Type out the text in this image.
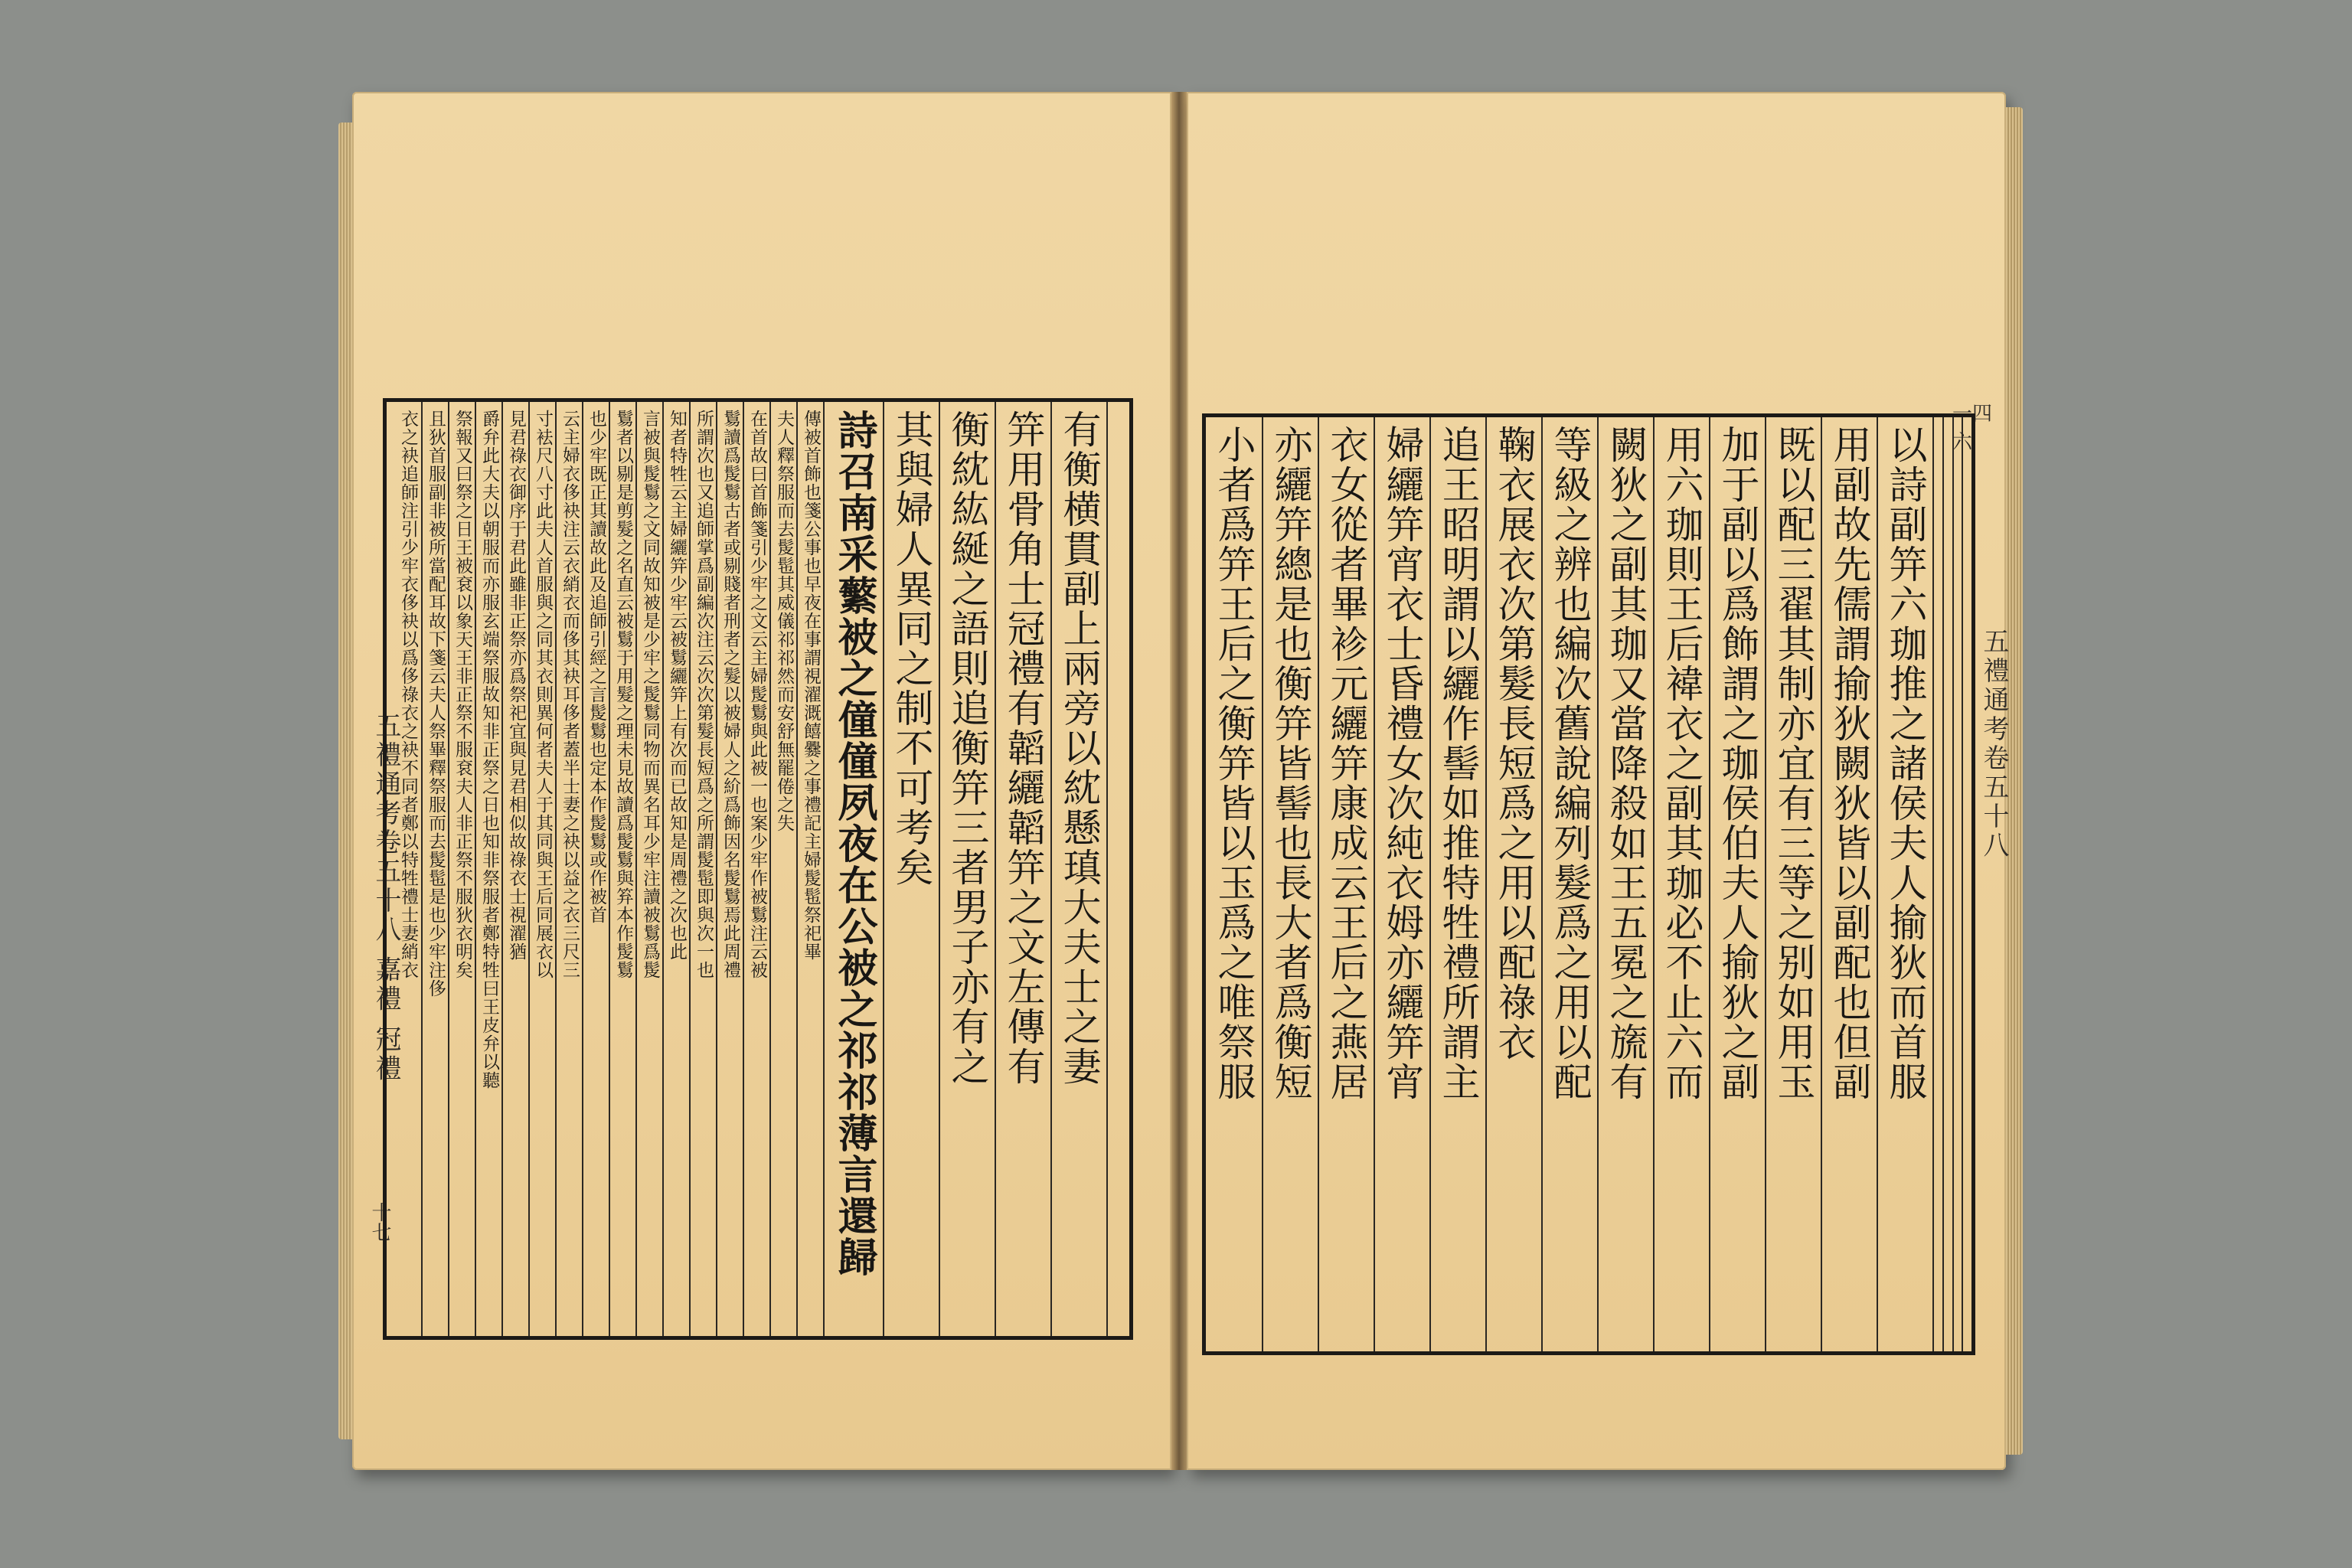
五禮通考卷五十八 嘉禮 冠禮
十七
有衡横貫副上兩旁以紞懸瑱大夫士之妻
笄用骨角士冠禮有韜纚韜笄之文左傳有
衡紞紘綖之語則追衡笄三者男子亦有之
其與婦人異同之制不可考矣
詩召南采蘩被之僮僮夙夜在公被之祁祁薄言還歸
傳被首飾也箋公事也早夜在事謂視濯溉饎爨之事禮記主婦髲髢祭祀畢
夫人釋祭服而去髲髢其威儀祁祁然而安舒無罷倦之失
在首故曰首飾箋引少牢之文云主婦髲鬄與此被一也案少牢作被鬄注云被
鬄讀爲髲鬄古者或剔賤者刑者之髮以被婦人之紒爲飾因名髲鬄焉此周禮
所謂次也又追師掌爲副編次注云次次第髮長短爲之所謂髲髢即與次一也
知者特牲云主婦纚笄少牢云被鬄纚笄上有次而已故知是周禮之次也此
言被與髲鬄之文同故知被是少牢之髲鬄同物而異名耳少牢注讀被鬄爲髲
鬄者以剔是剪髮之名直云被鬄于用髮之理未見故讀爲髲鬄與笲本作髲鬄
也少牢既正其讀故此及追師引經之言髲鬄也定本作髲鬄或作被首
云主婦衣侈袂注云衣綃衣而侈其袂耳侈者蓋半士妻之袂以益之衣三尺三
寸袪尺八寸此夫人首服與之同其衣則異何者夫人于其同與王后同展衣以
見君祿衣御序于君此雖非正祭亦爲祭祀宜與見君相似故祿衣士視濯猶
爵弁此大夫以朝服而亦服玄端祭服故知非正祭之日也知非祭服者鄭特牲曰王皮弁以聽
祭報又曰祭之日王被袞以象天王非正祭不服袞夫人非正祭不服狄衣明矣
且狄首服副非被所當配耳故下箋云夫人祭畢釋祭服而去髲髢是也少牢注侈
衣之袂追師注引少牢衣侈袂以爲侈祿衣之袂不同者鄭以特牲禮士妻綃衣	一四六
五禮通考卷五十八
以詩副笄六珈推之諸侯夫人揄狄而首服
用副故先儒謂揄狄闕狄皆以副配也但副
既以配三翟其制亦宜有三等之别如用玉
加于副以爲飾謂之珈侯伯夫人揄狄之副
用六珈則王后褘衣之副其珈必不止六而
闕狄之副其珈又當降殺如王五冕之旒有
等級之辨也編次舊說編列髮爲之用以配
鞠衣展衣次第髮長短爲之用以配祿衣
追王昭明謂以纚作髻如推特牲禮所謂主
婦纚笄宵衣士昏禮女次純衣姆亦纚笄宵
衣女從者畢袗元纚笄康成云王后之燕居
亦纚笄總是也衡笄皆髻也長大者爲衡短
小者爲笄王后之衡笄皆以玉爲之唯祭服
